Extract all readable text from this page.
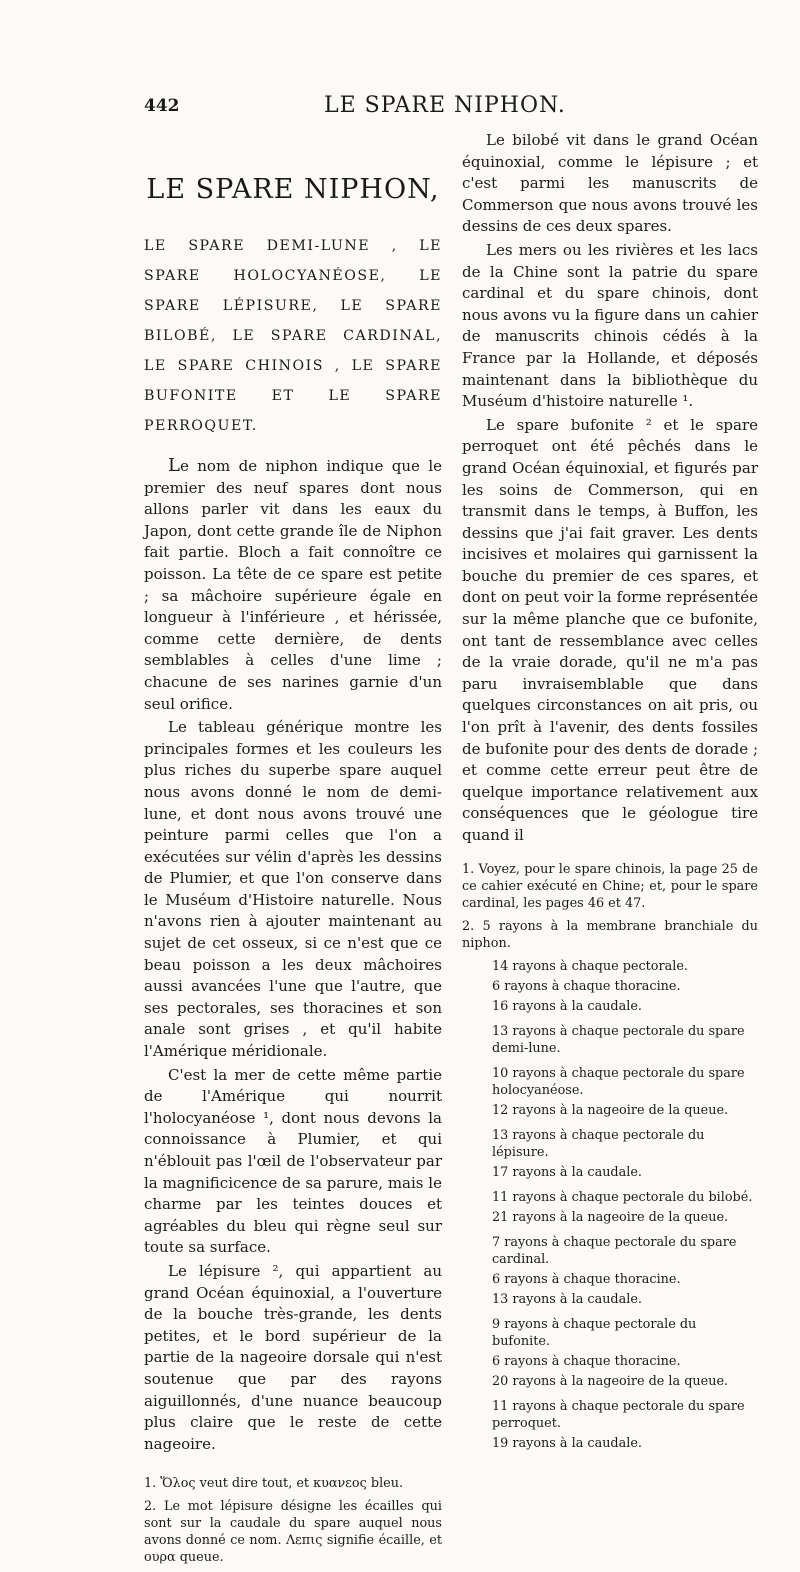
442	LE SPARE NIPHON.
LE SPARE NIPHON,
LE SPARE DEMI-LUNE , LE SPARE HOLOCYANÉOSE, LE SPARE LÉPISURE, LE SPARE BILOBÉ, LE SPARE CARDINAL, LE SPARE CHINOIS , LE SPARE BUFONITE ET LE SPARE PERROQUET.

Le nom de niphon indique que le premier des neuf spares dont nous allons parler vit dans les eaux du Japon, dont cette grande île de Niphon fait partie. Bloch a fait connoître ce poisson. La tête de ce spare est petite ; sa mâchoire supérieure égale en longueur à l'inférieure , et hérissée, comme cette dernière, de dents semblables à celles d'une lime ; chacune de ses narines garnie d'un seul orifice.

Le tableau générique montre les principales formes et les couleurs les plus riches du superbe spare auquel nous avons donné le nom de demi-lune, et dont nous avons trouvé une peinture parmi celles que l'on a exécutées sur vélin d'après les dessins de Plumier, et que l'on conserve dans le Muséum d'Histoire naturelle. Nous n'avons rien à ajouter maintenant au sujet de cet osseux, si ce n'est que ce beau poisson a les deux mâchoires aussi avancées l'une que l'autre, que ses pectorales, ses thoracines et son anale sont grises , et qu'il habite l'Amérique méridionale.

C'est la mer de cette même partie de l'Amérique qui nourrit l'holocyanéose ¹, dont nous devons la connoissance à Plumier, et qui n'éblouit pas l'œil de l'observateur par la magnificicence de sa parure, mais le charme par les teintes douces et agréables du bleu qui règne seul sur toute sa surface.

Le lépisure ², qui appartient au grand Océan équinoxial, a l'ouverture de la bouche très-grande, les dents petites, et le bord supérieur de la partie de la nageoire dorsale qui n'est soutenue que par des rayons aiguillonnés, d'une nuance beaucoup plus claire que le reste de cette nageoire.

1. Ὅλος veut dire tout, et κυανεος bleu.

2. Le mot lépisure désigne les écailles qui sont sur la caudale du spare auquel nous avons donné ce nom. Λεπις signifie écaille, et ουρα queue.

Le bilobé vit dans le grand Océan équinoxial, comme le lépisure ; et c'est parmi les manuscrits de Commerson que nous avons trouvé les dessins de ces deux spares.

Les mers ou les rivières et les lacs de la Chine sont la patrie du spare cardinal et du spare chinois, dont nous avons vu la figure dans un cahier de manuscrits chinois cédés à la France par la Hollande, et déposés maintenant dans la bibliothèque du Muséum d'histoire naturelle ¹.

Le spare bufonite ² et le spare perroquet ont été pêchés dans le grand Océan équinoxial, et figurés par les soins de Commerson, qui en transmit dans le temps, à Buffon, les dessins que j'ai fait graver. Les dents incisives et molaires qui garnissent la bouche du premier de ces spares, et dont on peut voir la forme représentée sur la même planche que ce bufonite, ont tant de ressemblance avec celles de la vraie dorade, qu'il ne m'a pas paru invraisemblable que dans quelques circonstances on ait pris, ou l'on prît à l'avenir, des dents fossiles de bufonite pour des dents de dorade ; et comme cette erreur peut être de quelque importance relativement aux conséquences que le géologue tire quand il

1. Voyez, pour le spare chinois, la page 25 de ce cahier exécuté en Chine; et, pour le spare cardinal, les pages 46 et 47.

2. 5 rayons à la membrane branchiale du niphon.

14 rayons à chaque pectorale.
6 rayons à chaque thoracine.
16 rayons à la caudale.
13 rayons à chaque pectorale du spare demi-lune.
10 rayons à chaque pectorale du spare holocyanéose.
12 rayons à la nageoire de la queue.
13 rayons à chaque pectorale du lépisure.
17 rayons à la caudale.
11 rayons à chaque pectorale du bilobé.
21 rayons à la nageoire de la queue.
7 rayons à chaque pectorale du spare cardinal.
6 rayons à chaque thoracine.
13 rayons à la caudale.
9 rayons à chaque pectorale du bufonite.
6 rayons à chaque thoracine.
20 rayons à la nageoire de la queue.
11 rayons à chaque pectorale du spare perroquet.
19 rayons à la caudale.
